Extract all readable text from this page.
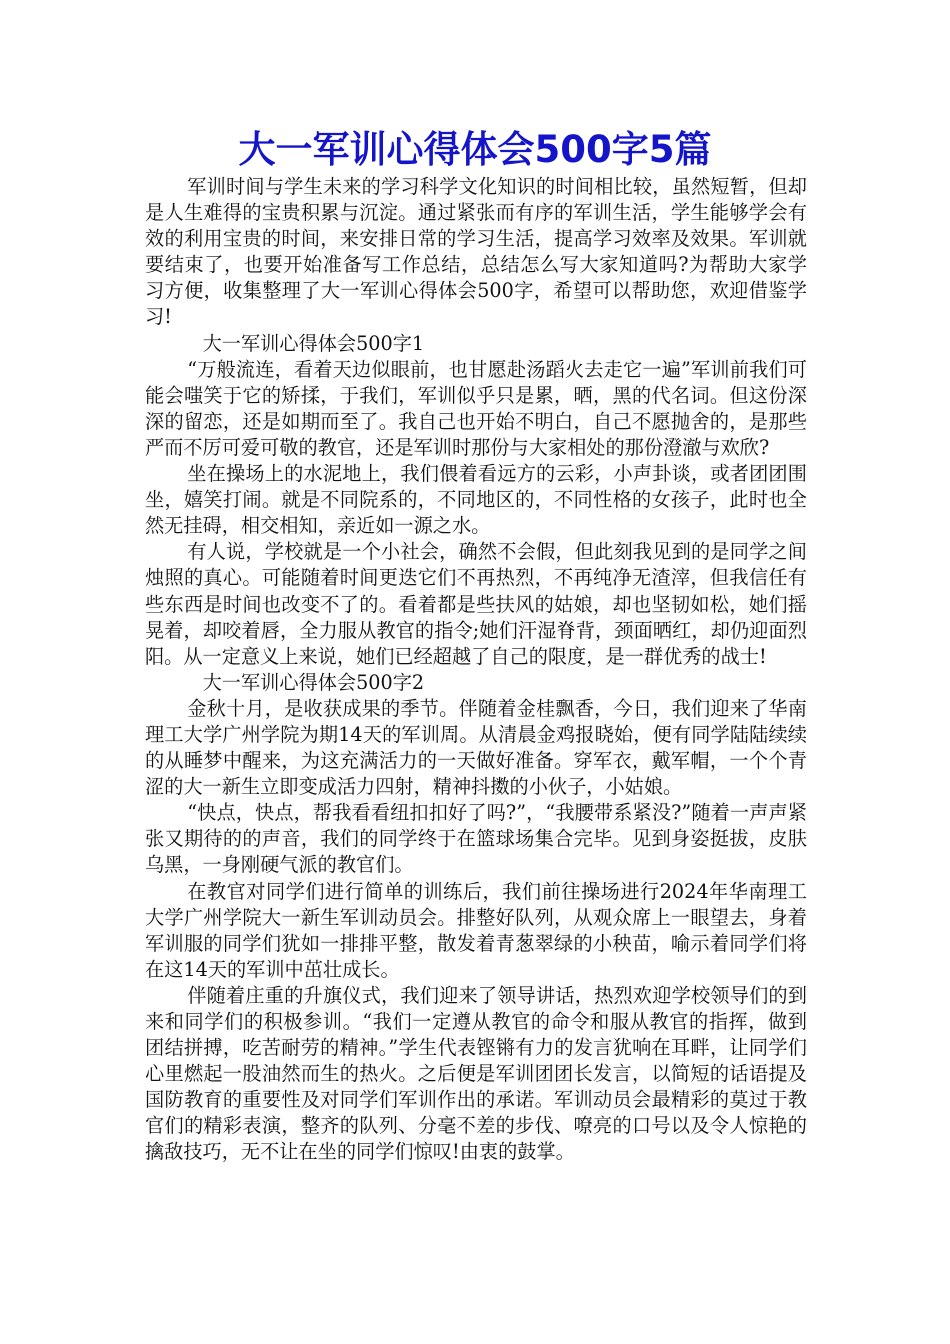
大一军训心得体会500字5篇

军训时间与学生未来的学习科学文化知识的时间相比较，虽然短暂，但却是人生难得的宝贵积累与沉淀。通过紧张而有序的军训生活，学生能够学会有效的利用宝贵的时间，来安排日常的学习生活，提高学习效率及效果。军训就要结束了，也要开始准备写工作总结，总结怎么写大家知道吗?为帮助大家学习方便，收集整理了大一军训心得体会500字，希望可以帮助您，欢迎借鉴学习!

大一军训心得体会500字1

“万般流连，看着天边似眼前，也甘愿赴汤蹈火去走它一遍”军训前我们可能会嗤笑于它的矫揉，于我们，军训似乎只是累，晒，黑的代名词。但这份深深的留恋，还是如期而至了。我自己也开始不明白，自己不愿抛舍的，是那些严而不厉可爱可敬的教官，还是军训时那份与大家相处的那份澄澈与欢欣?

坐在操场上的水泥地上，我们偎着看远方的云彩，小声卦谈，或者团团围坐，嬉笑打闹。就是不同院系的，不同地区的，不同性格的女孩子，此时也全然无挂碍，相交相知，亲近如一源之水。

有人说，学校就是一个小社会，确然不会假，但此刻我见到的是同学之间烛照的真心。可能随着时间更迭它们不再热烈，不再纯净无渣滓，但我信任有些东西是时间也改变不了的。看着都是些扶风的姑娘，却也坚韧如松，她们摇晃着，却咬着唇，全力服从教官的指令;她们汗湿脊背，颈面晒红，却仍迎面烈阳。从一定意义上来说，她们已经超越了自己的限度，是一群优秀的战士!

大一军训心得体会500字2

金秋十月，是收获成果的季节。伴随着金桂飘香，今日，我们迎来了华南理工大学广州学院为期14天的军训周。从清晨金鸡报晓始，便有同学陆陆续续的从睡梦中醒来，为这充满活力的一天做好准备。穿军衣，戴军帽，一个个青涩的大一新生立即变成活力四射，精神抖擞的小伙子，小姑娘。

“快点，快点，帮我看看纽扣扣好了吗?”，“我腰带系紧没?”随着一声声紧张又期待的的声音，我们的同学终于在篮球场集合完毕。见到身姿挺拔，皮肤乌黑，一身刚硬气派的教官们。

在教官对同学们进行简单的训练后，我们前往操场进行2024年华南理工大学广州学院大一新生军训动员会。排整好队列，从观众席上一眼望去，身着军训服的同学们犹如一排排平整，散发着青葱翠绿的小秧苗，喻示着同学们将在这14天的军训中茁壮成长。

伴随着庄重的升旗仪式，我们迎来了领导讲话，热烈欢迎学校领导们的到来和同学们的积极参训。“我们一定遵从教官的命令和服从教官的指挥，做到团结拼搏，吃苦耐劳的精神。”学生代表铿锵有力的发言犹响在耳畔，让同学们心里燃起一股油然而生的热火。之后便是军训团团长发言，以简短的话语提及国防教育的重要性及对同学们军训作出的承诺。军训动员会最精彩的莫过于教官们的精彩表演，整齐的队列、分毫不差的步伐、嘹亮的口号以及令人惊艳的擒敌技巧，无不让在坐的同学们惊叹!由衷的鼓掌。
